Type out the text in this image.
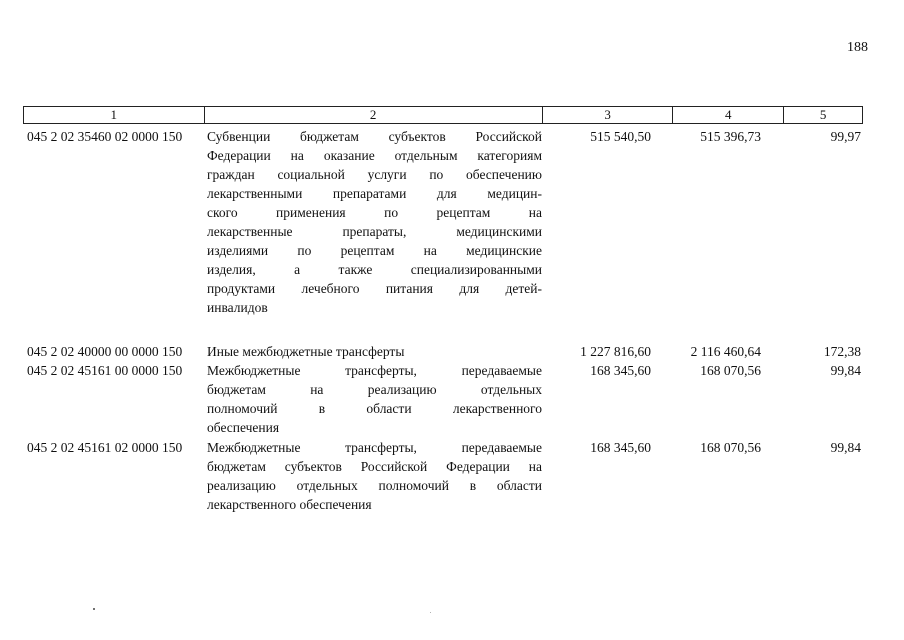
188
1	2	3	4	5
045 2 02 35460 02 0000 150 Субвенции бюджетам субъектов Российской
Федерации на оказание отдельным категориям
граждан социальной услуги по обеспечению
лекарственными препаратами для медицин-
ского применения по рецептам на
лекарственные препараты, медицинскими
изделиями по рецептам на медицинские
изделия, а также специализированными
продуктами лечебного питания для детей-
инвалидов
515 540,50	515 396,73	99,97
045 2 02 40000 00 0000 150 Иные межбюджетные трансферты	1 227 816,60	2 116 460,64	172,38
045 2 02 45161 00 0000 150 Межбюджетные трансферты, передаваемые
бюджетам на реализацию отдельных
полномочий в области лекарственного
обеспечения
168 345,60	168 070,56	99,84
045 2 02 45161 02 0000 150 Межбюджетные трансферты, передаваемые
бюджетам субъектов Российской Федерации на
реализацию отдельных полномочий в области
лекарственного обеспечения
168 345,60	168 070,56	99,84
